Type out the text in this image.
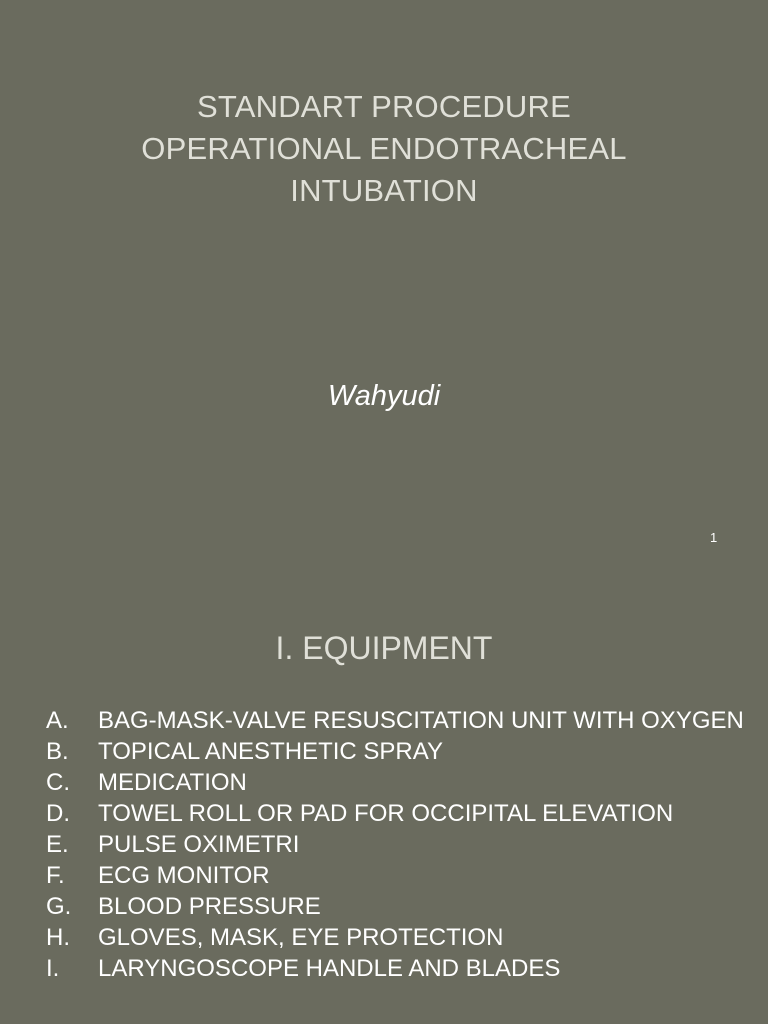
STANDART PROCEDURE
OPERATIONAL ENDOTRACHEAL
INTUBATION
Wahyudi
1
I. EQUIPMENT
A.	BAG-MASK-VALVE RESUSCITATION UNIT WITH OXYGEN
B.	TOPICAL ANESTHETIC SPRAY
C.	MEDICATION
D.	TOWEL ROLL OR PAD FOR OCCIPITAL ELEVATION
E.	PULSE OXIMETRI
F.	ECG MONITOR
G.	BLOOD PRESSURE
H.	GLOVES, MASK, EYE PROTECTION
I.	LARYNGOSCOPE HANDLE AND BLADES
